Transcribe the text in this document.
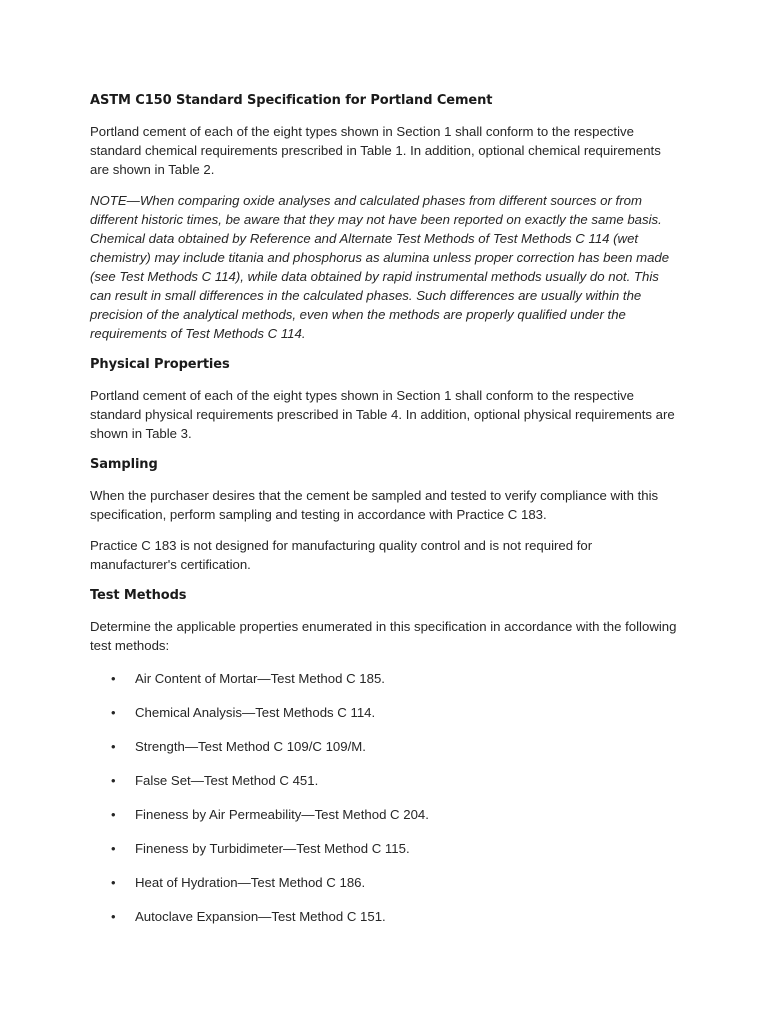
ASTM C150 Standard Specification for Portland Cement

Portland cement of each of the eight types shown in Section 1 shall conform to the respective standard chemical requirements prescribed in Table 1. In addition, optional chemical requirements are shown in Table 2.

NOTE—When comparing oxide analyses and calculated phases from different sources or from different historic times, be aware that they may not have been reported on exactly the same basis. Chemical data obtained by Reference and Alternate Test Methods of Test Methods C 114 (wet chemistry) may include titania and phosphorus as alumina unless proper correction has been made (see Test Methods C 114), while data obtained by rapid instrumental methods usually do not. This can result in small differences in the calculated phases. Such differences are usually within the precision of the analytical methods, even when the methods are properly qualified under the requirements of Test Methods C 114.

Physical Properties

Portland cement of each of the eight types shown in Section 1 shall conform to the respective standard physical requirements prescribed in Table 4. In addition, optional physical requirements are shown in Table 3.

Sampling

When the purchaser desires that the cement be sampled and tested to verify compliance with this specification, perform sampling and testing in accordance with Practice C 183.

Practice C 183 is not designed for manufacturing quality control and is not required for manufacturer's certification.

Test Methods

Determine the applicable properties enumerated in this specification in accordance with the following test methods:

• Air Content of Mortar—Test Method C 185.
• Chemical Analysis—Test Methods C 114.
• Strength—Test Method C 109/C 109/M.
• False Set—Test Method C 451.
• Fineness by Air Permeability—Test Method C 204.
• Fineness by Turbidimeter—Test Method C 115.
• Heat of Hydration—Test Method C 186.
• Autoclave Expansion—Test Method C 151.
